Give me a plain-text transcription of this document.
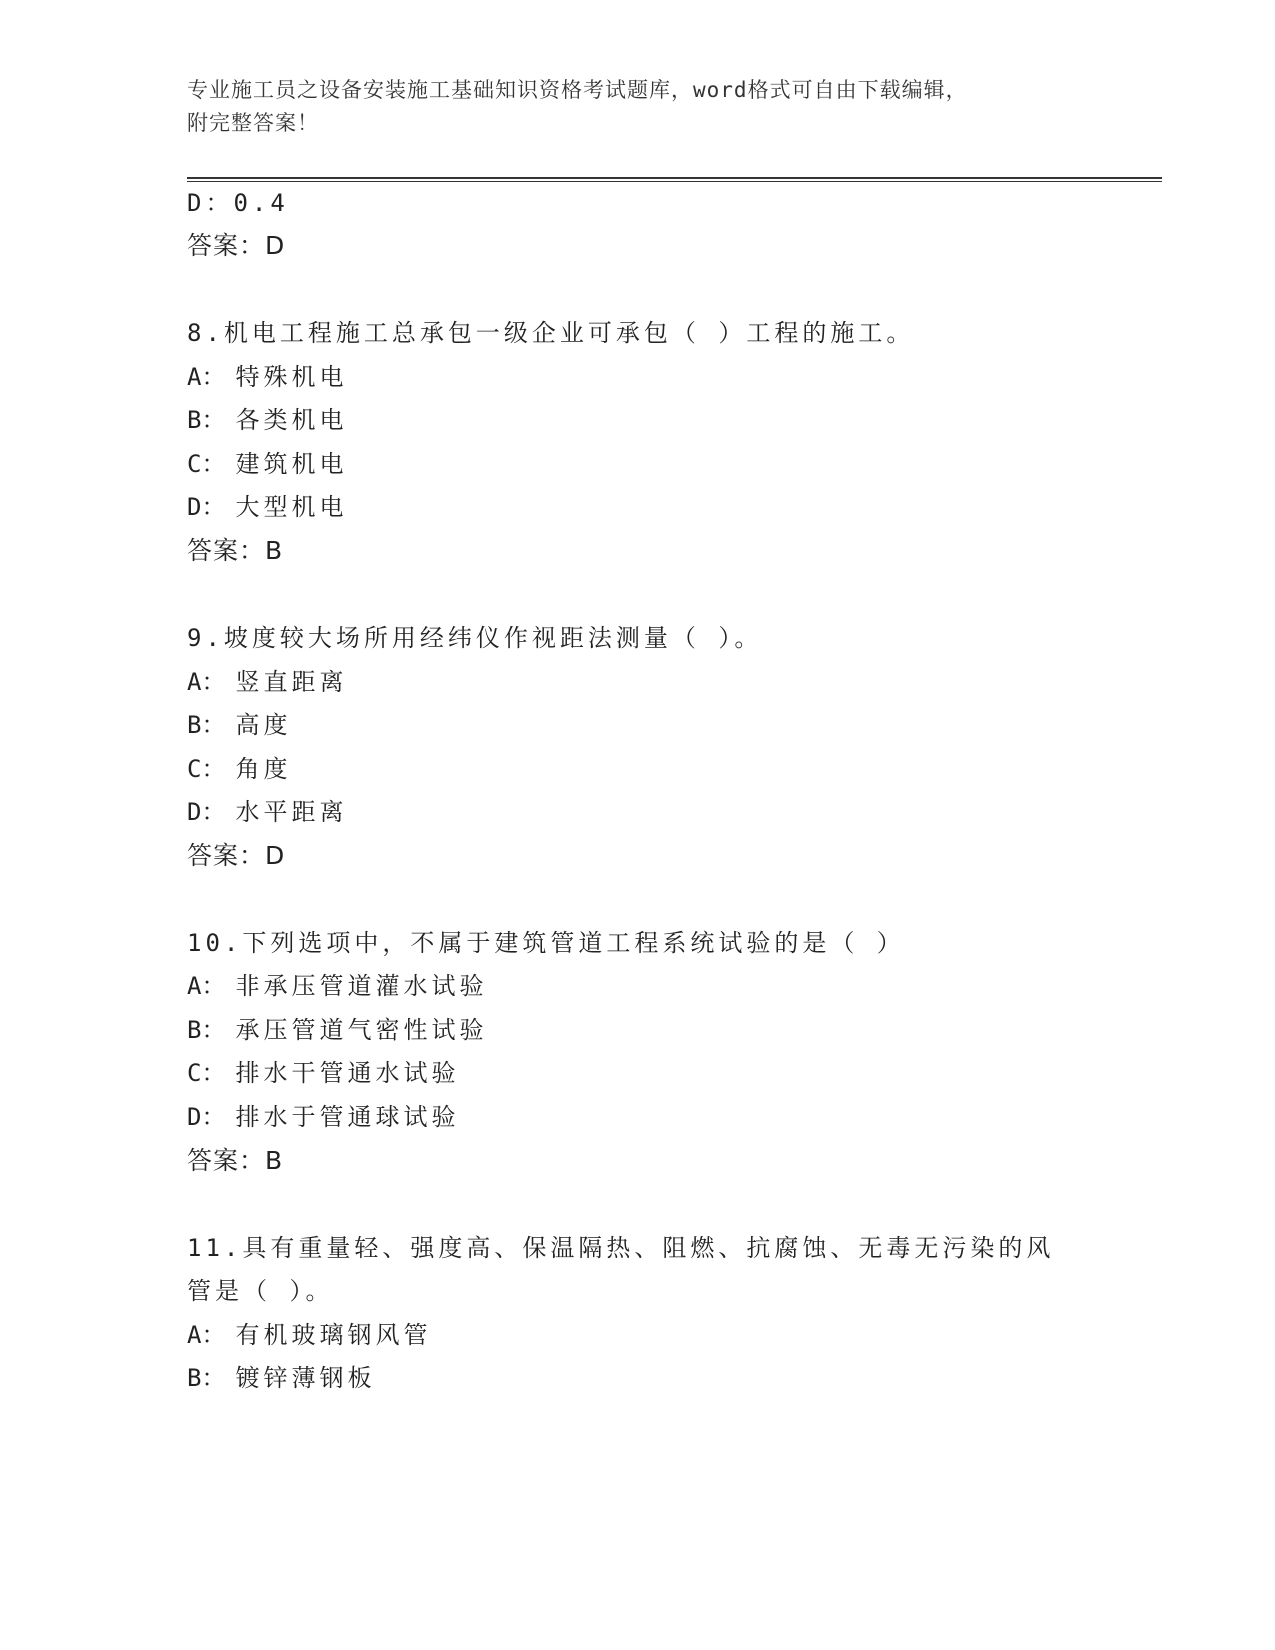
专业施工员之设备安装施工基础知识资格考试题库，word格式可自由下载编辑，
附完整答案！
D：0.4
答案：D
8.机电工程施工总承包一级企业可承包（ ）工程的施工。
A： 特殊机电
B： 各类机电
C： 建筑机电
D： 大型机电
答案：B
9.坡度较大场所用经纬仪作视距法测量（ ）。
A： 竖直距离
B： 高度
C： 角度
D： 水平距离
答案：D
10.下列选项中，不属于建筑管道工程系统试验的是（ ）
A： 非承压管道灌水试验
B： 承压管道气密性试验
C： 排水干管通水试验
D： 排水于管通球试验
答案：B
11.具有重量轻、强度高、保温隔热、阻燃、抗腐蚀、无毒无污染的风
管是（ ）。
A： 有机玻璃钢风管
B： 镀锌薄钢板
